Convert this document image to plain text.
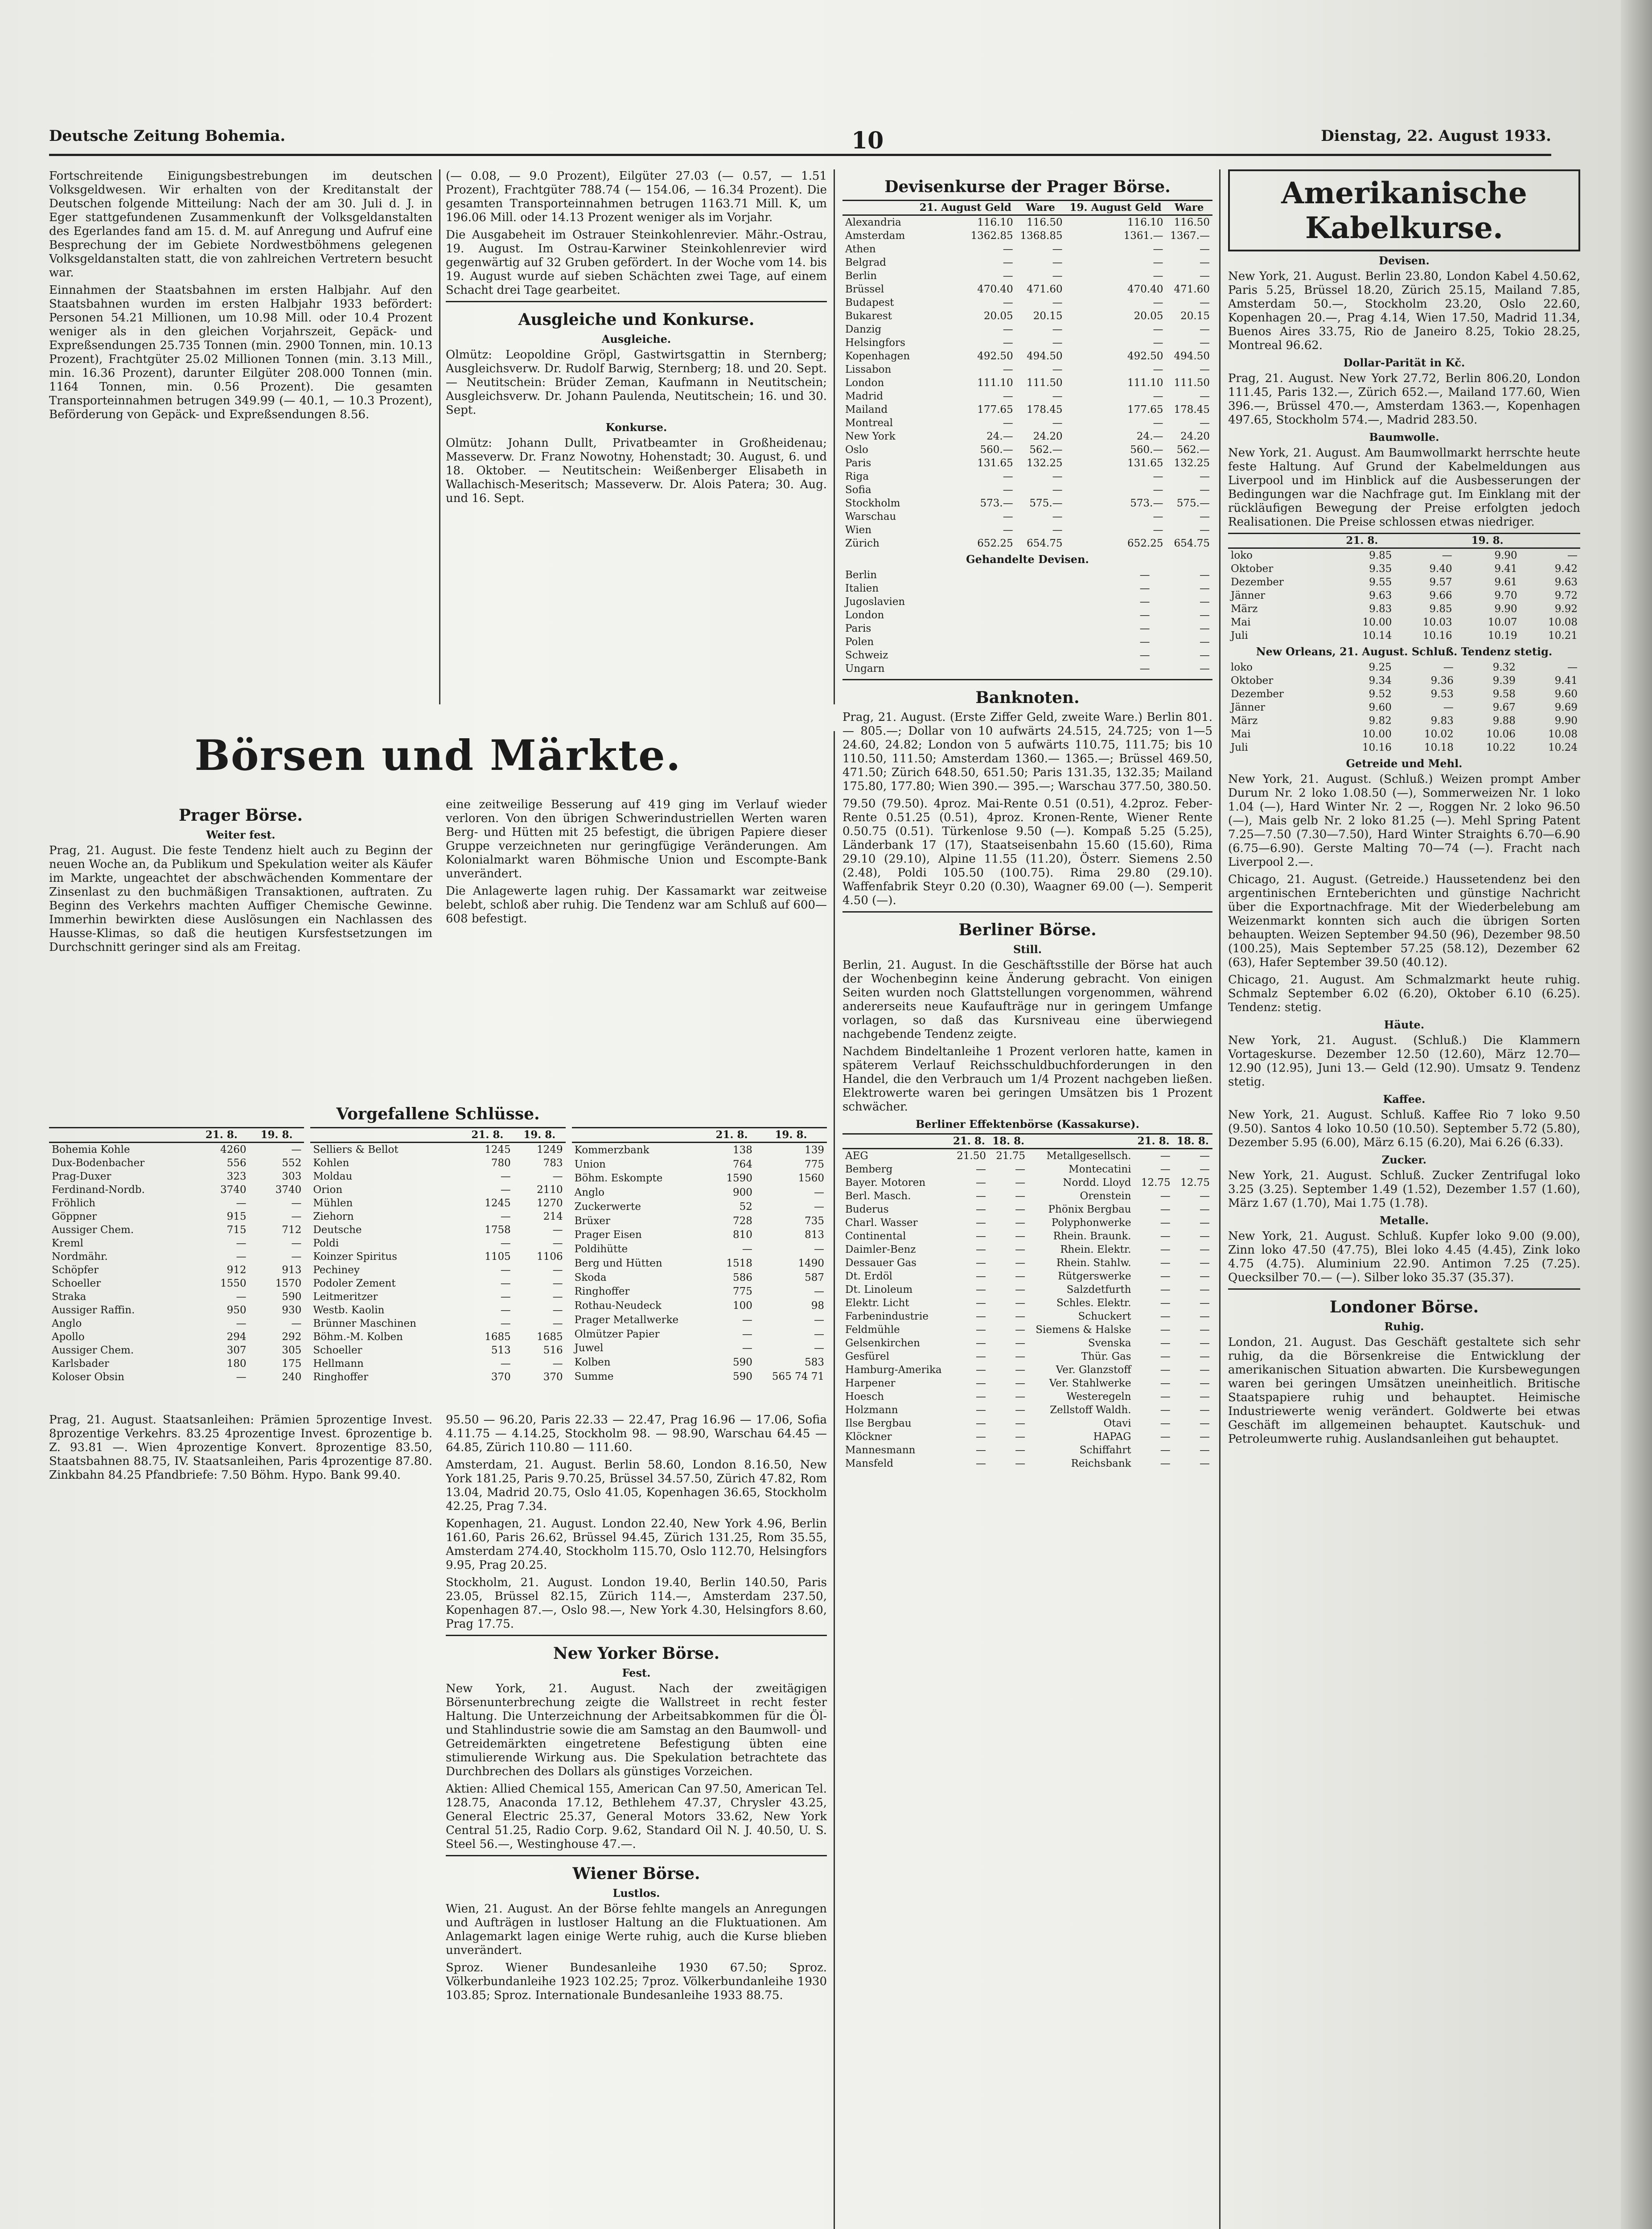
Deutsche Zeitung Bohemia.	10	Dienstag, 22. August 1933.

Fortschreitende Einigungsbestrebungen im deutschen Volksgeldwesen. Wir erhalten von der Kreditanstalt der Deutschen folgende Mitteilung: Nach der am 30. Juli d. J. in Eger stattgefundenen Zusammenkunft der Volksgeldanstalten des Egerlandes fand am 15. d. M. auf Anregung und Aufruf eine Besprechung der im Gebiete Nordwestböhmens gelegenen Volksgeldanstalten statt, die von zahlreichen Vertretern besucht war.

Einnahmen der Staatsbahnen im ersten Halbjahr. Auf den Staatsbahnen wurden im ersten Halbjahr 1933 befördert: Personen 54.21 Millionen, um 10.98 Mill. oder 10.4 Prozent weniger als in den gleichen Vorjahrszeit, Gepäck- und Expreßsendungen 25.735 Tonnen (min. 2900 Tonnen, min. 10.13 Prozent), Frachtgüter 25.02 Millionen Tonnen (min. 3.13 Mill., min. 16.36 Prozent), darunter Eilgüter 208.000 Tonnen (min. 1164 Tonnen, min. 0.56 Prozent). Die gesamten Transporteinnahmen betrugen 349.99 (— 40.1, — 10.3 Prozent), Beförderung von Gepäck- und Expreßsendungen 8.56.

(— 0.08, — 9.0 Prozent), Eilgüter 27.03 (— 0.57, — 1.51 Prozent), Frachtgüter 788.74 (— 154.06, — 16.34 Prozent). Die gesamten Transporteinnahmen betrugen 1163.71 Mill. K, um 196.06 Mill. oder 14.13 Prozent weniger als im Vorjahr.

Die Ausgabeheit im Ostrauer Steinkohlenrevier. Mähr.-Ostrau, 19. August. Im Ostrau-Karwiner Steinkohlenrevier wird gegenwärtig auf 32 Gruben gefördert. In der Woche vom 14. bis 19. August wurde auf sieben Schächten zwei Tage, auf einem Schacht drei Tage gearbeitet.

Ausgleiche und Konkurse.
Ausgleiche.

Olmütz: Leopoldine Gröpl, Gastwirtsgattin in Sternberg; Ausgleichsverw. Dr. Rudolf Barwig, Sternberg; 18. und 20. Sept. — Neutitschein: Brüder Zeman, Kaufmann in Neutitschein; Ausgleichsverw. Dr. Johann Paulenda, Neutitschein; 16. und 30. Sept.

Konkurse.

Olmütz: Johann Dullt, Privatbeamter in Großheidenau; Masseverw. Dr. Franz Nowotny, Hohenstadt; 30. August, 6. und 18. Oktober. — Neutitschein: Weißenberger Elisabeth in Wallachisch-Meseritsch; Masseverw. Dr. Alois Patera; 30. Aug. und 16. Sept.

Börsen und Märkte.
Prager Börse.
Weiter fest.

Prag, 21. August. Die feste Tendenz hielt auch zu Beginn der neuen Woche an, da Publikum und Spekulation weiter als Käufer im Markte, ungeachtet der abschwächenden Kommentare der Zinsenlast zu den buchmäßigen Transaktionen, auftraten. Zu Beginn des Verkehrs machten Auffiger Chemische Gewinne. Immerhin bewirkten diese Auslösungen ein Nachlassen des Hausse-Klimas, so daß die heutigen Kursfestsetzungen im Durchschnitt geringer sind als am Freitag.

eine zeitweilige Besserung auf 419 ging im Verlauf wieder verloren. Von den übrigen Schwerindustriellen Werten waren Berg- und Hütten mit 25 befestigt, die übrigen Papiere dieser Gruppe verzeichneten nur geringfügige Veränderungen. Am Kolonialmarkt waren Böhmische Union und Escompte-Bank unverändert.

Die Anlagewerte lagen ruhig. Der Kassamarkt war zeitweise belebt, schloß aber ruhig. Die Tendenz war am Schluß auf 600—608 befestigt.

Vorgefallene Schlüsse.
	21. 8.	19. 8.
Bohemia Kohle	4260	—
Dux-Bodenbacher	556	552
Prag-Duxer	323	303
Ferdinand-Nordb.	3740	3740
Fröhlich	—	—
Göppner	915	—
Aussiger Chem.	715	712
Kreml	—	—
Nordmähr.	—	—
Schöpfer	912	913
Schoeller	1550	1570
Straka	—	590
Aussiger Raffin.	950	930
Anglo	—	—
Apollo	294	292
Aussiger Chem.	307	305
Karlsbader	180	175
Koloser Obsin	—	240
	21. 8.	19. 8.
Selliers & Bellot	1245	1249
Kohlen	780	783
Moldau	—	—
Orion	—	2110
Mühlen	1245	1270
Ziehorn	—	214
Deutsche	1758	—
Poldi	—	—
Koinzer Spiritus	1105	1106
Pechiney	—	—
Podoler Zement	—	—
Leitmeritzer	—	—
Westb. Kaolin	—	—
Brünner Maschinen	—	—
Böhm.-M. Kolben	1685	1685
Schoeller	513	516
Hellmann	—	—
Ringhoffer	370	370
	21. 8.	19. 8.
Kommerzbank	138	139
Union	764	775
Böhm. Eskompte	1590	1560
Anglo	900	—
Zuckerwerte	52	—
Brüxer	728	735
Prager Eisen	810	813
Poldihütte	—	—
Berg und Hütten	1518	1490
Skoda	586	587
Ringhoffer	775	—
Rothau-Neudeck	100	98
Prager Metallwerke	—	—
Olmützer Papier	—	—
Juwel	—	—
Kolben	590	583
Summe	590	565 74 71

Prag, 21. August. Staatsanleihen: Prämien 5prozentige Invest. 8prozentige Verkehrs. 83.25 4prozentige Invest. 6prozentige b. Z. 93.81 —. Wien 4prozentige Konvert. 8prozentige 83.50, Staatsbahnen 88.75, IV. Staatsanleihen, Paris 4prozentige 87.80. Zinkbahn 84.25 Pfandbriefe: 7.50 Böhm. Hypo. Bank 99.40.

95.50 — 96.20, Paris 22.33 — 22.47, Prag 16.96 — 17.06, Sofia 4.11.75 — 4.14.25, Stockholm 98. — 98.90, Warschau 64.45 — 64.85, Zürich 110.80 — 111.60.

Amsterdam, 21. August. Berlin 58.60, London 8.16.50, New York 181.25, Paris 9.70.25, Brüssel 34.57.50, Zürich 47.82, Rom 13.04, Madrid 20.75, Oslo 41.05, Kopenhagen 36.65, Stockholm 42.25, Prag 7.34.

Kopenhagen, 21. August. London 22.40, New York 4.96, Berlin 161.60, Paris 26.62, Brüssel 94.45, Zürich 131.25, Rom 35.55, Amsterdam 274.40, Stockholm 115.70, Oslo 112.70, Helsingfors 9.95, Prag 20.25.

Stockholm, 21. August. London 19.40, Berlin 140.50, Paris 23.05, Brüssel 82.15, Zürich 114.—, Amsterdam 237.50, Kopenhagen 87.—, Oslo 98.—, New York 4.30, Helsingfors 8.60, Prag 17.75.

New Yorker Börse.
Fest.

New York, 21. August. Nach der zweitägigen Börsenunterbrechung zeigte die Wallstreet in recht fester Haltung. Die Unterzeichnung der Arbeitsabkommen für die Öl- und Stahlindustrie sowie die am Samstag an den Baumwoll- und Getreidemärkten eingetretene Befestigung übten eine stimulierende Wirkung aus. Die Spekulation betrachtete das Durchbrechen des Dollars als günstiges Vorzeichen.

Aktien: Allied Chemical 155, American Can 97.50, American Tel. 128.75, Anaconda 17.12, Bethlehem 47.37, Chrysler 43.25, General Electric 25.37, General Motors 33.62, New York Central 51.25, Radio Corp. 9.62, Standard Oil N. J. 40.50, U. S. Steel 56.—, Westinghouse 47.—.

Wiener Börse.
Lustlos.

Wien, 21. August. An der Börse fehlte mangels an Anregungen und Aufträgen in lustloser Haltung an die Fluktuationen. Am Anlagemarkt lagen einige Werte ruhig, auch die Kurse blieben unverändert.

Sproz. Wiener Bundesanleihe 1930 67.50; Sproz. Völkerbundanleihe 1923 102.25; 7proz. Völkerbundanleihe 1930 103.85; Sproz. Internationale Bundesanleihe 1933 88.75.

Devisenkurse der Prager Börse.
	21. August Geld	Ware	19. August Geld	Ware
Alexandria	116.10	116.50	116.10	116.50
Amsterdam	1362.85	1368.85	1361.—	1367.—
Athen	—	—	—	—
Belgrad	—	—	—	—
Berlin	—	—	—	—
Brüssel	470.40	471.60	470.40	471.60
Budapest	—	—	—	—
Bukarest	20.05	20.15	20.05	20.15
Danzig	—	—	—	—
Helsingfors	—	—	—	—
Kopenhagen	492.50	494.50	492.50	494.50
Lissabon	—	—	—	—
London	111.10	111.50	111.10	111.50
Madrid	—	—	—	—
Mailand	177.65	178.45	177.65	178.45
Montreal	—	—	—	—
New York	24.—	24.20	24.—	24.20
Oslo	560.—	562.—	560.—	562.—
Paris	131.65	132.25	131.65	132.25
Riga	—	—	—	—
Sofia	—	—	—	—
Stockholm	573.—	575.—	573.—	575.—
Warschau	—	—	—	—
Wien	—	—	—	—
Zürich	652.25	654.75	652.25	654.75
Gehandelte Devisen.
Berlin	—	—
Italien	—	—
Jugoslavien	—	—
London	—	—
Paris	—	—
Polen	—	—
Schweiz	—	—
Ungarn	—	—
Banknoten.

Prag, 21. August. (Erste Ziffer Geld, zweite Ware.) Berlin 801.— 805.—; Dollar von 10 aufwärts 24.515, 24.725; von 1—5 24.60, 24.82; London von 5 aufwärts 110.75, 111.75; bis 10 110.50, 111.50; Amsterdam 1360.— 1365.—; Brüssel 469.50, 471.50; Zürich 648.50, 651.50; Paris 131.35, 132.35; Mailand 175.80, 177.80; Wien 390.— 395.—; Warschau 377.50, 380.50.

79.50 (79.50). 4proz. Mai-Rente 0.51 (0.51), 4.2proz. Feber-Rente 0.51.25 (0.51), 4proz. Kronen-Rente, Wiener Rente 0.50.75 (0.51). Türkenlose 9.50 (—). Kompaß 5.25 (5.25), Länderbank 17 (17), Staatseisenbahn 15.60 (15.60), Rima 29.10 (29.10), Alpine 11.55 (11.20), Österr. Siemens 2.50 (2.48), Poldi 105.50 (100.75). Rima 29.80 (29.10). Waffenfabrik Steyr 0.20 (0.30), Waagner 69.00 (—). Semperit 4.50 (—).

Berliner Börse.
Still.

Berlin, 21. August. In die Geschäftsstille der Börse hat auch der Wochenbeginn keine Änderung gebracht. Von einigen Seiten wurden noch Glattstellungen vorgenommen, während andererseits neue Kaufaufträge nur in geringem Umfange vorlagen, so daß das Kursniveau eine überwiegend nachgebende Tendenz zeigte.

Nachdem Bindeltanleihe 1 Prozent verloren hatte, kamen in späterem Verlauf Reichsschuldbuchforderungen in den Handel, die den Verbrauch um 1/4 Prozent nachgeben ließen. Elektrowerte waren bei geringen Umsätzen bis 1 Prozent schwächer.

Berliner Effektenbörse (Kassakurse).
	21. 8.	18. 8.		21. 8.	18. 8.
AEG	21.50	21.75	Metallgesellsch.	—	—
Bemberg	—	—	Montecatini	—	—
Bayer. Motoren	—	—	Nordd. Lloyd	12.75	12.75
Berl. Masch.	—	—	Orenstein	—	—
Buderus	—	—	Phönix Bergbau	—	—
Charl. Wasser	—	—	Polyphonwerke	—	—
Continental	—	—	Rhein. Braunk.	—	—
Daimler-Benz	—	—	Rhein. Elektr.	—	—
Dessauer Gas	—	—	Rhein. Stahlw.	—	—
Dt. Erdöl	—	—	Rütgerswerke	—	—
Dt. Linoleum	—	—	Salzdetfurth	—	—
Elektr. Licht	—	—	Schles. Elektr.	—	—
Farbenindustrie	—	—	Schuckert	—	—
Feldmühle	—	—	Siemens & Halske	—	—
Gelsenkirchen	—	—	Svenska	—	—
Gesfürel	—	—	Thür. Gas	—	—
Hamburg-Amerika	—	—	Ver. Glanzstoff	—	—
Harpener	—	—	Ver. Stahlwerke	—	—
Hoesch	—	—	Westeregeln	—	—
Holzmann	—	—	Zellstoff Waldh.	—	—
Ilse Bergbau	—	—	Otavi	—	—
Klöckner	—	—	HAPAG	—	—
Mannesmann	—	—	Schiffahrt	—	—
Mansfeld	—	—	Reichsbank	—	—
Amerikanische Kabelkurse.
Devisen.

New York, 21. August. Berlin 23.80, London Kabel 4.50.62, Paris 5.25, Brüssel 18.20, Zürich 25.15, Mailand 7.85, Amsterdam 50.—, Stockholm 23.20, Oslo 22.60, Kopenhagen 20.—, Prag 4.14, Wien 17.50, Madrid 11.34, Buenos Aires 33.75, Rio de Janeiro 8.25, Tokio 28.25, Montreal 96.62.

Dollar-Parität in Kč.

Prag, 21. August. New York 27.72, Berlin 806.20, London 111.45, Paris 132.—, Zürich 652.—, Mailand 177.60, Wien 396.—, Brüssel 470.—, Amsterdam 1363.—, Kopenhagen 497.65, Stockholm 574.—, Madrid 283.50.

Baumwolle.

New York, 21. August. Am Baumwollmarkt herrschte heute feste Haltung. Auf Grund der Kabelmeldungen aus Liverpool und im Hinblick auf die Ausbesserungen der Bedingungen war die Nachfrage gut. Im Einklang mit der rückläufigen Bewegung der Preise erfolgten jedoch Realisationen. Die Preise schlossen etwas niedriger.

	21. 8.		19. 8.	
loko	9.85	—	9.90	—
Oktober	9.35	9.40	9.41	9.42
Dezember	9.55	9.57	9.61	9.63
Jänner	9.63	9.66	9.70	9.72
März	9.83	9.85	9.90	9.92
Mai	10.00	10.03	10.07	10.08
Juli	10.14	10.16	10.19	10.21
New Orleans, 21. August. Schluß. Tendenz stetig.
loko	9.25	—	9.32	—
Oktober	9.34	9.36	9.39	9.41
Dezember	9.52	9.53	9.58	9.60
Jänner	9.60	—	9.67	9.69
März	9.82	9.83	9.88	9.90
Mai	10.00	10.02	10.06	10.08
Juli	10.16	10.18	10.22	10.24
Getreide und Mehl.

New York, 21. August. (Schluß.) Weizen prompt Amber Durum Nr. 2 loko 1.08.50 (—), Sommerweizen Nr. 1 loko 1.04 (—), Hard Winter Nr. 2 —, Roggen Nr. 2 loko 96.50 (—), Mais gelb Nr. 2 loko 81.25 (—). Mehl Spring Patent 7.25—7.50 (7.30—7.50), Hard Winter Straights 6.70—6.90 (6.75—6.90). Gerste Malting 70—74 (—). Fracht nach Liverpool 2.—.

Chicago, 21. August. (Getreide.) Haussetendenz bei den argentinischen Ernteberichten und günstige Nachricht über die Exportnachfrage. Mit der Wiederbelebung am Weizenmarkt konnten sich auch die übrigen Sorten behaupten. Weizen September 94.50 (96), Dezember 98.50 (100.25), Mais September 57.25 (58.12), Dezember 62 (63), Hafer September 39.50 (40.12).

Chicago, 21. August. Am Schmalzmarkt heute ruhig. Schmalz September 6.02 (6.20), Oktober 6.10 (6.25). Tendenz: stetig.

Häute.

New York, 21. August. (Schluß.) Die Klammern Vortageskurse. Dezember 12.50 (12.60), März 12.70—12.90 (12.95), Juni 13.— Geld (12.90). Umsatz 9. Tendenz stetig.

Kaffee.

New York, 21. August. Schluß. Kaffee Rio 7 loko 9.50 (9.50). Santos 4 loko 10.50 (10.50). September 5.72 (5.80), Dezember 5.95 (6.00), März 6.15 (6.20), Mai 6.26 (6.33).

Zucker.

New York, 21. August. Schluß. Zucker Zentrifugal loko 3.25 (3.25). September 1.49 (1.52), Dezember 1.57 (1.60), März 1.67 (1.70), Mai 1.75 (1.78).

Metalle.

New York, 21. August. Schluß. Kupfer loko 9.00 (9.00), Zinn loko 47.50 (47.75), Blei loko 4.45 (4.45), Zink loko 4.75 (4.75). Aluminium 22.90. Antimon 7.25 (7.25). Quecksilber 70.— (—). Silber loko 35.37 (35.37).

Londoner Börse.
Ruhig.

London, 21. August. Das Geschäft gestaltete sich sehr ruhig, da die Börsenkreise die Entwicklung der amerikanischen Situation abwarten. Die Kursbewegungen waren bei geringen Umsätzen uneinheitlich. Britische Staatspapiere ruhig und behauptet. Heimische Industriewerte wenig verändert. Goldwerte bei etwas Geschäft im allgemeinen behauptet. Kautschuk- und Petroleumwerte ruhig. Auslandsanleihen gut behauptet.
